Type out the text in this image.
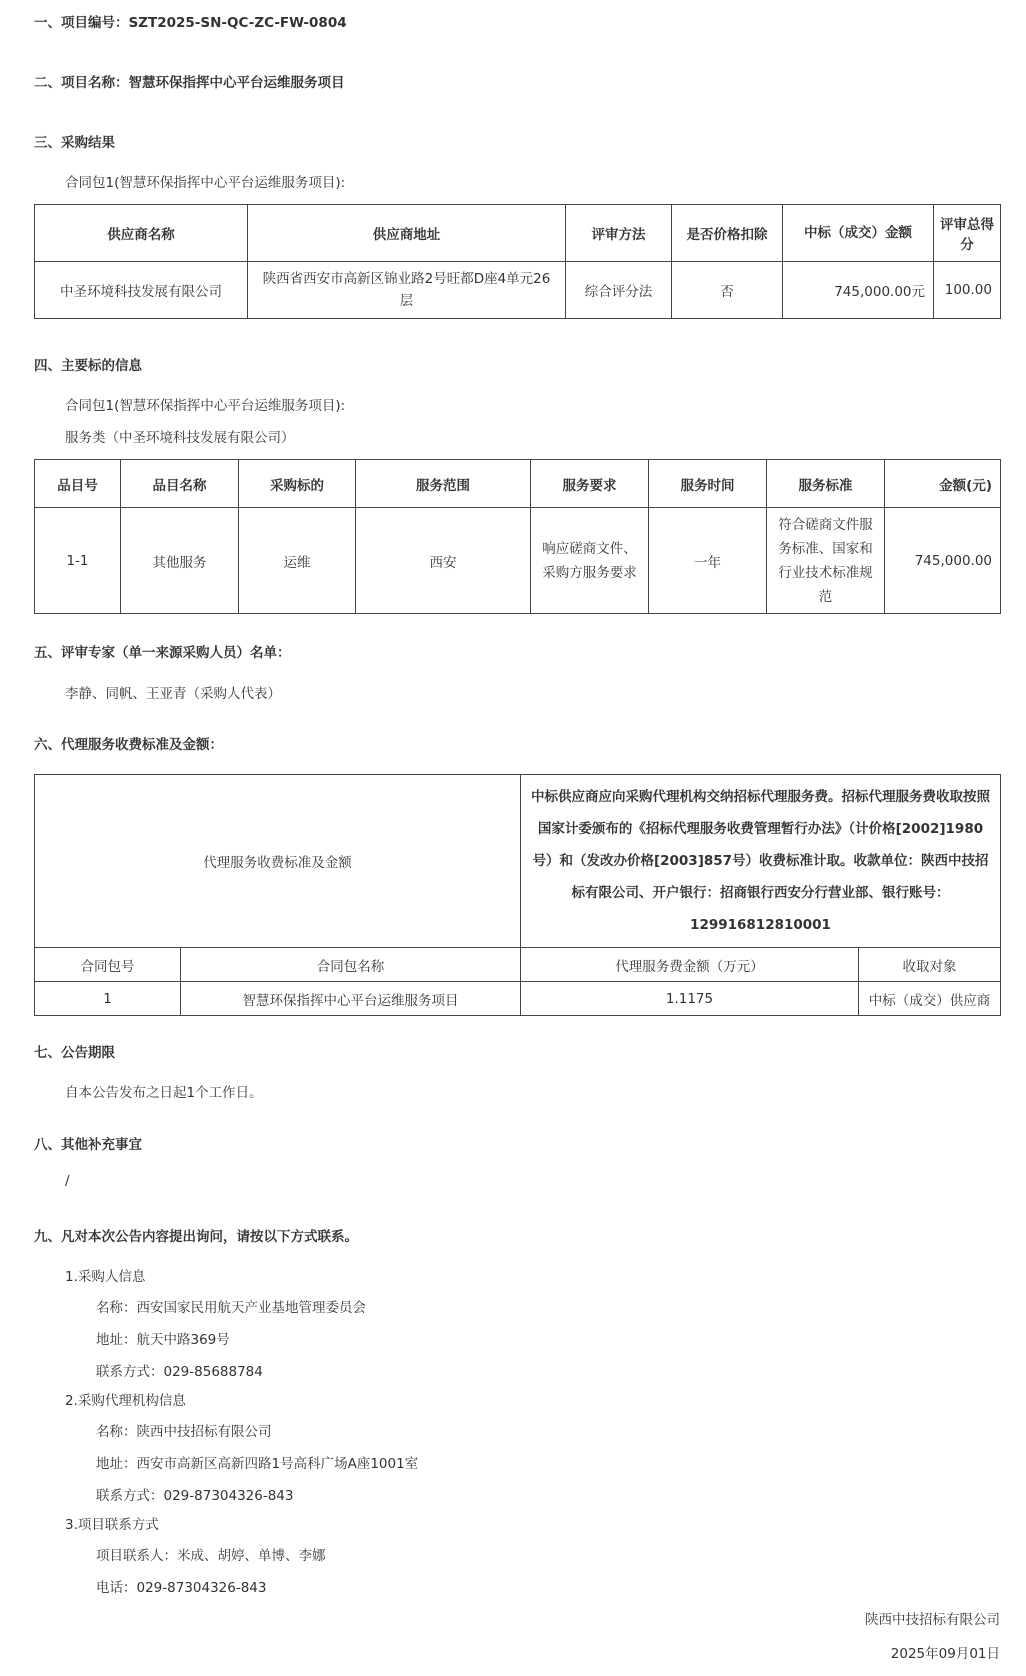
一、项目编号：SZT2025-SN-QC-ZC-FW-0804
二、项目名称：智慧环保指挥中心平台运维服务项目
三、采购结果
合同包1(智慧环保指挥中心平台运维服务项目):
供应商名称	供应商地址	评审方法	是否价格扣除	中标（成交）金额	评审总得分
中圣环境科技发展有限公司	陕西省西安市高新区锦业路2号旺都D座4单元26层	综合评分法	否	745,000.00元	100.00
四、主要标的信息
合同包1(智慧环保指挥中心平台运维服务项目):
服务类（中圣环境科技发展有限公司）
品目号	品目名称	采购标的	服务范围	服务要求	服务时间	服务标准	金额(元)
1-1	其他服务	运维	西安	响应磋商文件、采购方服务要求	一年	符合磋商文件服务标准、国家和行业技术标准规范	745,000.00
五、评审专家（单一来源采购人员）名单：
李静、同帆、王亚青（采购人代表）
六、代理服务收费标准及金额：
代理服务收费标准及金额		中标供应商应向采购代理机构交纳招标代理服务费。招标代理服务费收取按照国家计委颁布的《招标代理服务收费管理暂行办法》（计价格[2002]1980号）和（发改办价格[2003]857号）收费标准计取。收款单位：陕西中技招标有限公司、开户银行：招商银行西安分行营业部、银行账号：129916812810001	
合同包号	合同包名称	代理服务费金额（万元）	收取对象
1	智慧环保指挥中心平台运维服务项目	1.1175	中标（成交）供应商
七、公告期限
自本公告发布之日起1个工作日。
八、其他补充事宜
/
九、凡对本次公告内容提出询问，请按以下方式联系。
1.采购人信息
名称：西安国家民用航天产业基地管理委员会
地址：航天中路369号
联系方式：029-85688784
2.采购代理机构信息
名称：陕西中技招标有限公司
地址：西安市高新区高新四路1号高科广场A座1001室
联系方式：029-87304326-843
3.项目联系方式
项目联系人：米成、胡婷、单博、李娜
电话：029-87304326-843
陕西中技招标有限公司
2025年09月01日
